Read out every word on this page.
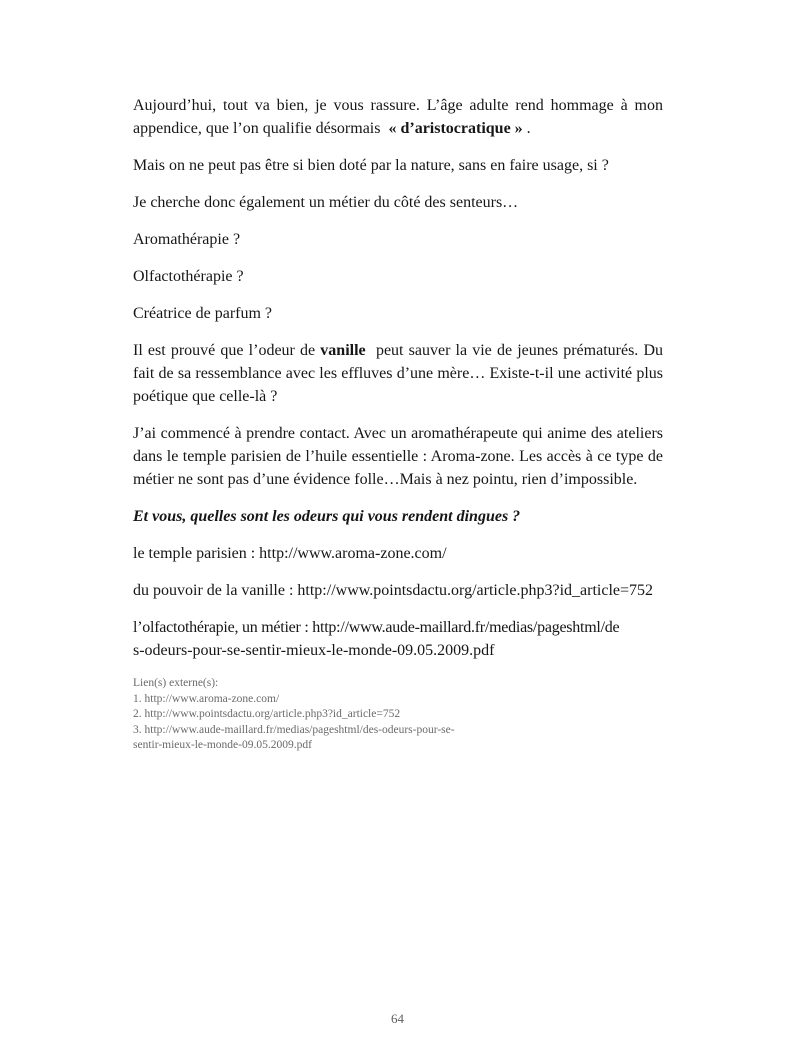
Aujourd’hui, tout va bien, je vous rassure. L’âge adulte rend hommage à mon appendice, que l’on qualifie désormais  « d’aristocratique » .

Mais on ne peut pas être si bien doté par la nature, sans en faire usage, si ?

Je cherche donc également un métier du côté des senteurs…

Aromathérapie ?

Olfactothérapie ?

Créatrice de parfum ?

Il est prouvé que l’odeur de vanille  peut sauver la vie de jeunes prématurés. Du fait de sa ressemblance avec les effluves d’une mère… Existe-t-il une activité plus poétique que celle-là ?

J’ai commencé à prendre contact. Avec un aromathérapeute qui anime des ateliers dans le temple parisien de l’huile essentielle : Aroma-zone. Les accès à ce type de métier ne sont pas d’une évidence folle…Mais à nez pointu, rien d’impossible.

Et vous, quelles sont les odeurs qui vous rendent dingues ?

le temple parisien : http://www.aroma-zone.com/

du pouvoir de la vanille : http://www.pointsdactu.org/article.php3?id_article=752

l’olfactothérapie, un métier : http://www.aude-maillard.fr/medias/pageshtml/de
s-odeurs-pour-se-sentir-mieux-le-monde-09.05.2009.pdf

Lien(s) externe(s):
1. http://www.aroma-zone.com/
2. http://www.pointsdactu.org/article.php3?id_article=752
3. http://www.aude-maillard.fr/medias/pageshtml/des-odeurs-pour-se-
sentir-mieux-le-monde-09.05.2009.pdf
64
